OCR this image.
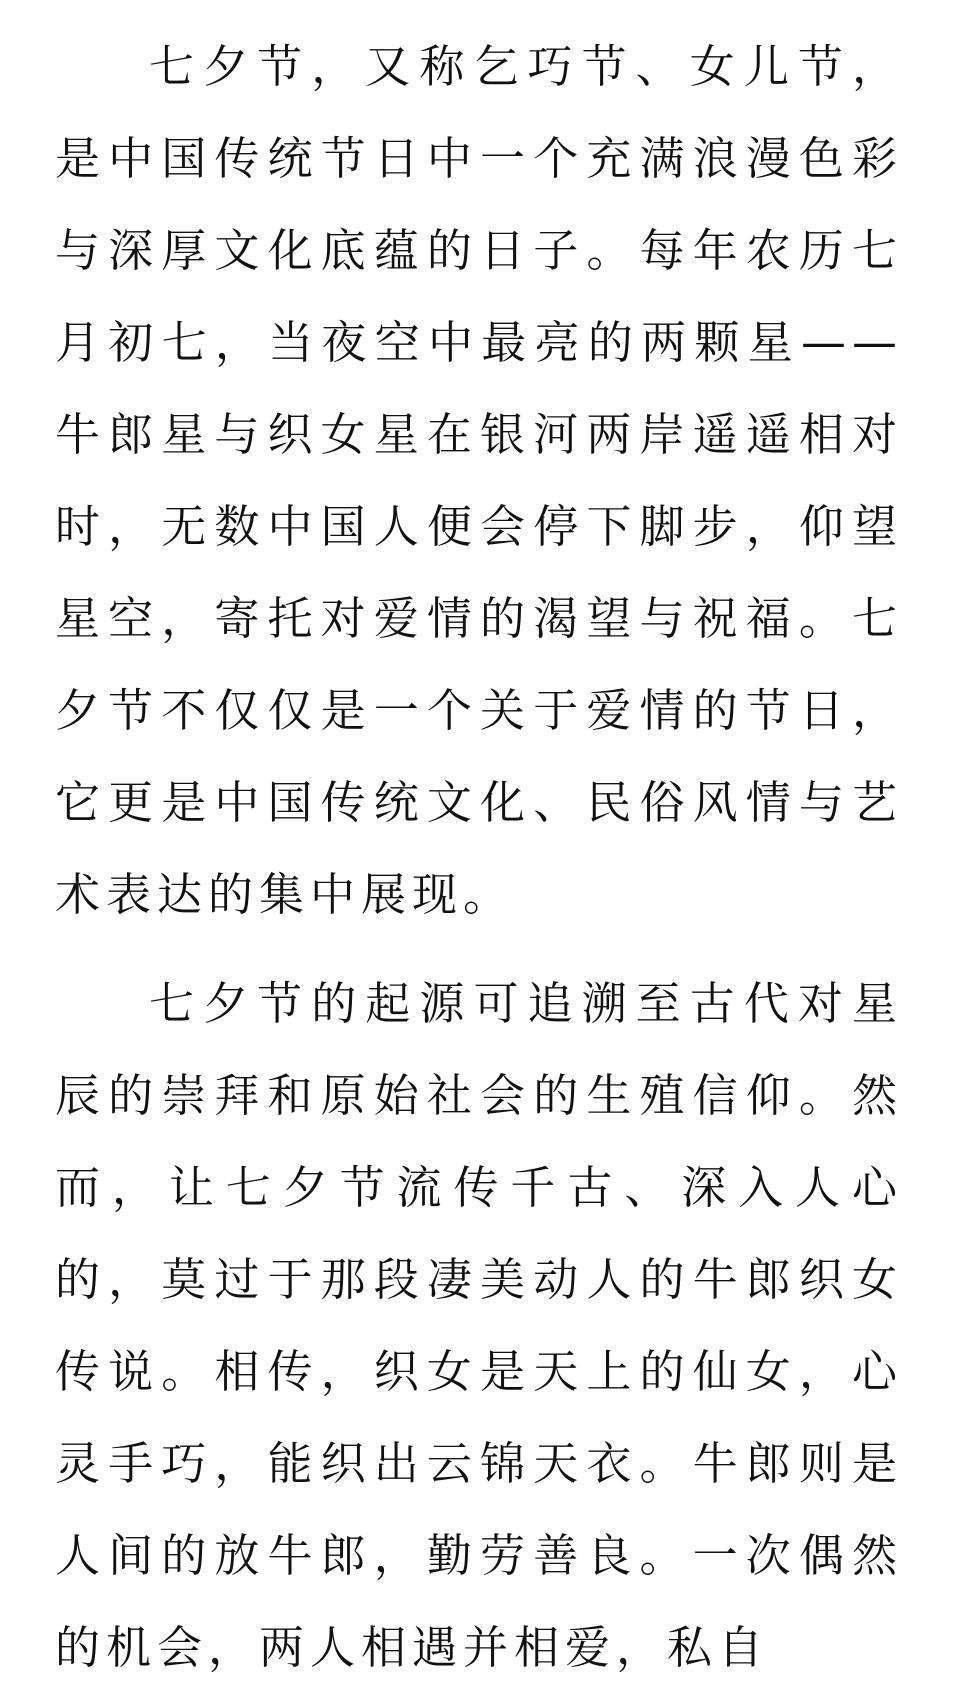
七夕节，又称乞巧节、女儿节，是中国传统节日中一个充满浪漫色彩与深厚文化底蕴的日子。每年农历七月初七，当夜空中最亮的两颗星——牛郎星与织女星在银河两岸遥遥相对时，无数中国人便会停下脚步，仰望星空，寄托对爱情的渴望与祝福。七夕节不仅仅是一个关于爱情的节日，它更是中国传统文化、民俗风情与艺术表达的集中展现。

七夕节的起源可追溯至古代对星辰的崇拜和原始社会的生殖信仰。然而，让七夕节流传千古、深入人心的，莫过于那段凄美动人的牛郎织女传说。相传，织女是天上的仙女，心灵手巧，能织出云锦天衣。牛郎则是人间的放牛郎，勤劳善良。一次偶然的机会，两人相遇并相爱，私自
